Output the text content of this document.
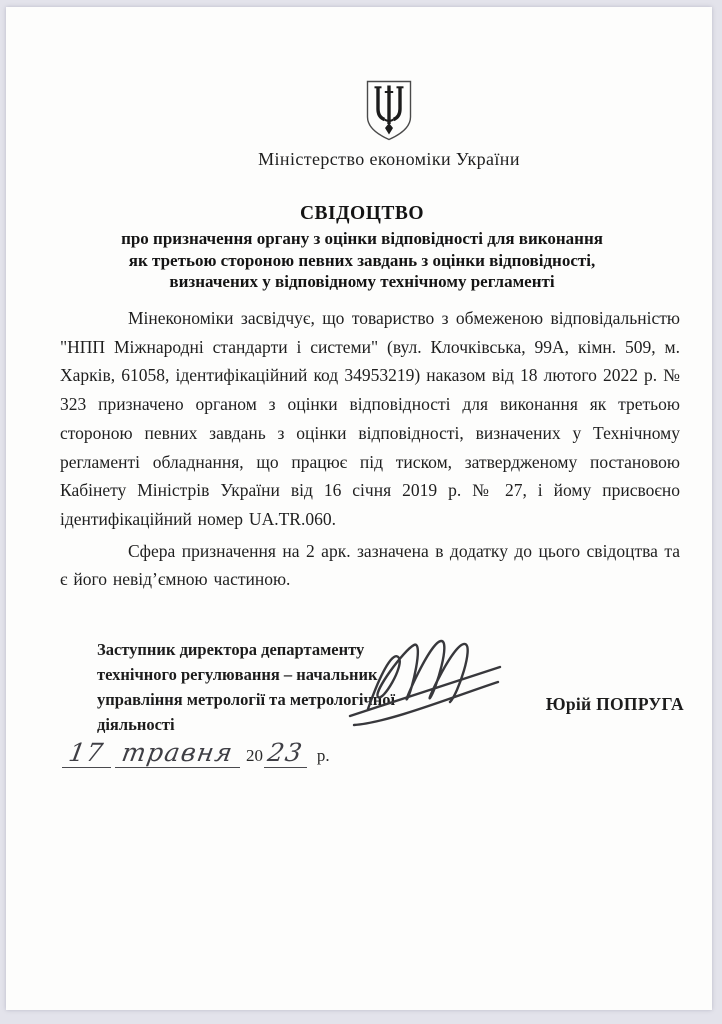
Міністерство економіки України
СВІДОЦТВО
про призначення органу з оцінки відповідності для виконання
як третьою стороною певних завдань з оцінки відповідності,
визначених у відповідному технічному регламенті

Мінекономіки засвідчує, що товариство з обмеженою відповідальністю "НПП Міжнародні стандарти і системи" (вул. Клочківська, 99А, кімн. 509, м. Харків, 61058, ідентифікаційний код 34953219) наказом від 18 лютого 2022 р. № 323 призначено органом з оцінки відповідності для виконання як третьою стороною певних завдань з оцінки відповідності, визначених у Технічному регламенті обладнання, що працює під тиском, затвердженому постановою Кабінету Міністрів України від 16 січня 2019 р. № 27, і йому присвоєно ідентифікаційний номер UA.TR.060.

Сфера призначення на 2 арк. зазначена в додатку до цього свідоцтва та є його невід’ємною частиною.

Заступник директора департаменту
технічного регулювання – начальник
управління метрології та метрологічної
діяльності
Юрій ПОПРУГА
17 травня 20 23 р.
